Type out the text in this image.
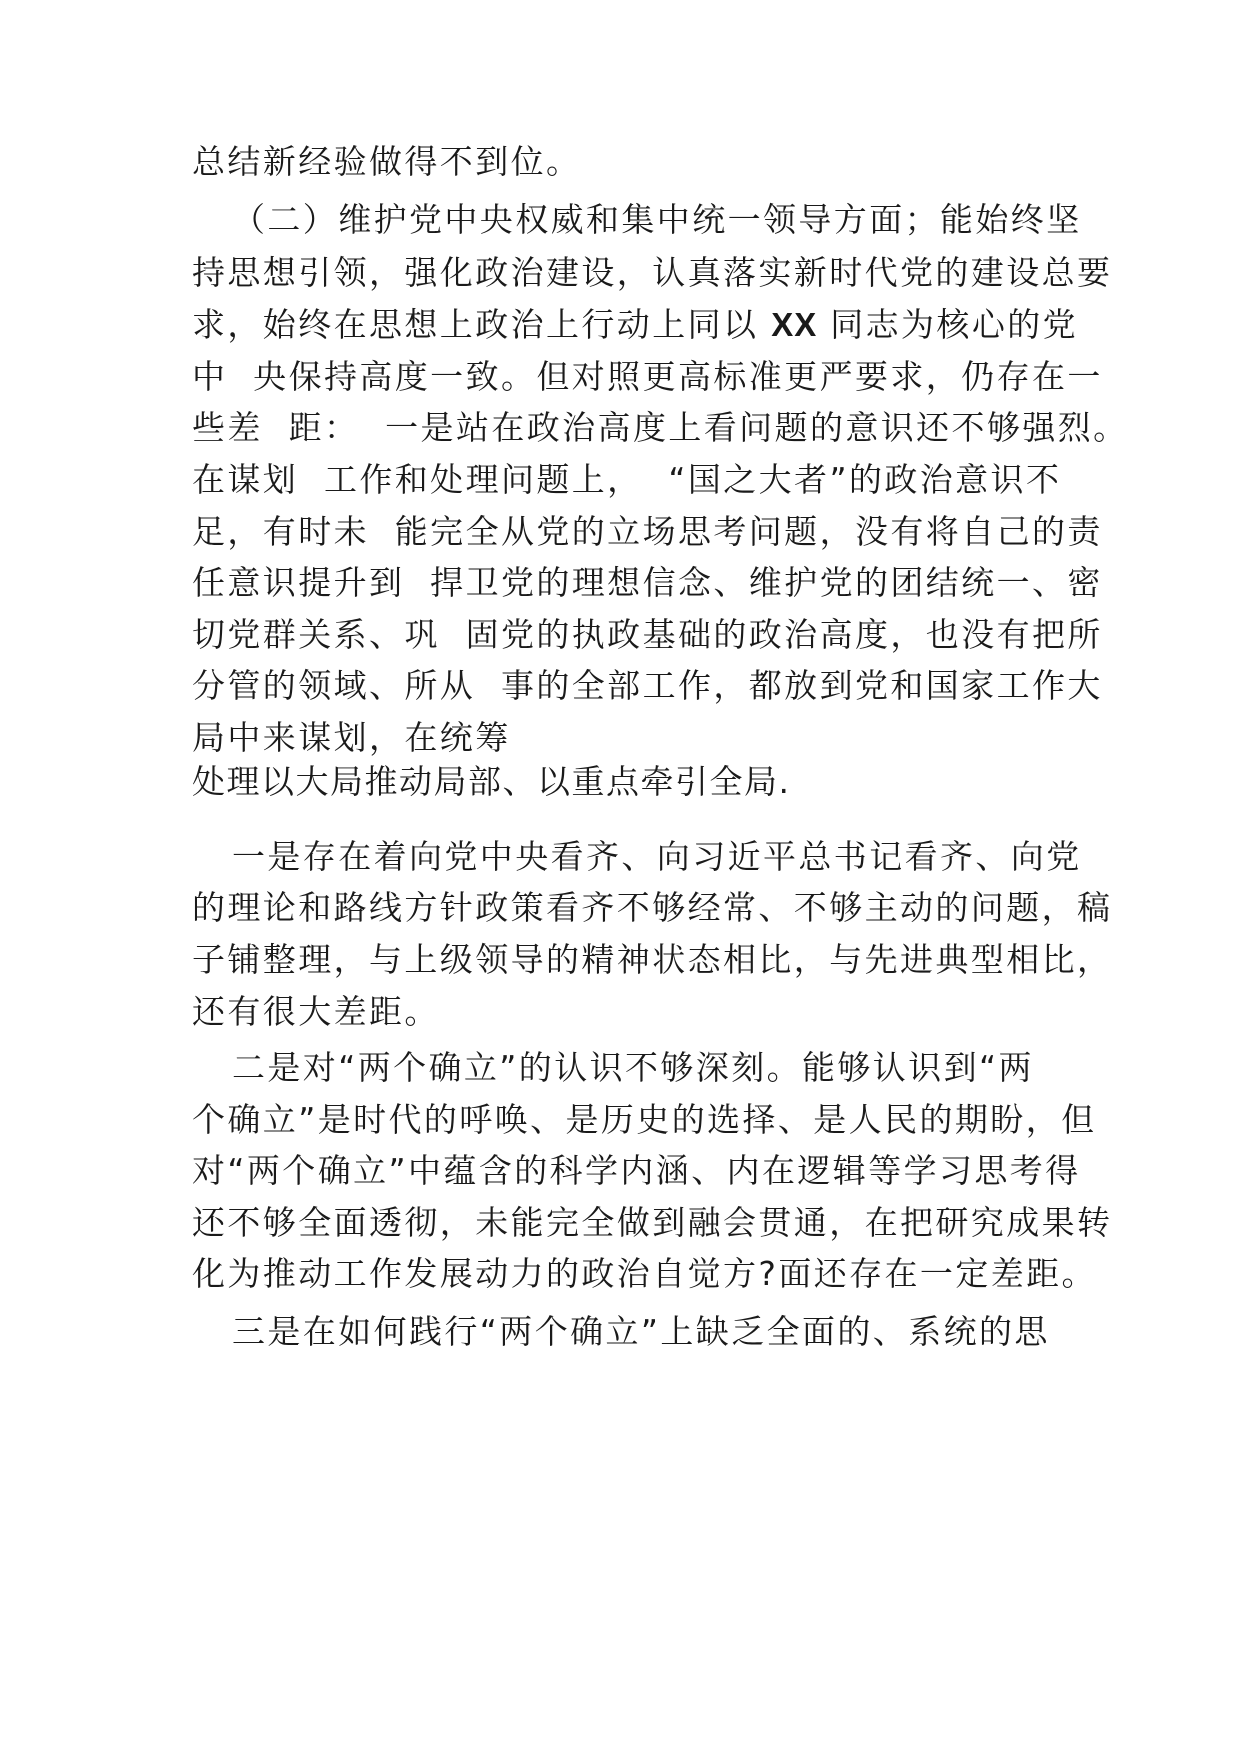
总结新经验做得不到位。

（二）维护党中央权威和集中统一领导方面；能始终坚

持思想引领，强化政治建设，认真落实新时代党的建设总要

求，始终在思想上政治上行动上同以 XX 同志为核心的党

中  央保持高度一致。但对照更高标准更严要求，仍存在一

些差  距：  一是站在政治高度上看问题的意识还不够强烈。

在谋划  工作和处理问题上，  “国之大者”的政治意识不

足，有时未  能完全从党的立场思考问题，没有将自己的责

任意识提升到  捍卫党的理想信念、维护党的团结统一、密

切党群关系、巩  固党的执政基础的政治高度，也没有把所

分管的领域、所从  事的全部工作，都放到党和国家工作大

局中来谋划，在统筹

处理以大局推动局部、以重点牵引全局.

一是存在着向党中央看齐、向习近平总书记看齐、向党

的理论和路线方针政策看齐不够经常、不够主动的问题，稿

子铺整理，与上级领导的精神状态相比，与先进典型相比，

还有很大差距。

二是对“两个确立”的认识不够深刻。能够认识到“两

个确立”是时代的呼唤、是历史的选择、是人民的期盼，但

对“两个确立”中蕴含的科学内涵、内在逻辑等学习思考得

还不够全面透彻，未能完全做到融会贯通，在把研究成果转

化为推动工作发展动力的政治自觉方?面还存在一定差距。

三是在如何践行“两个确立”上缺乏全面的、系统的思
